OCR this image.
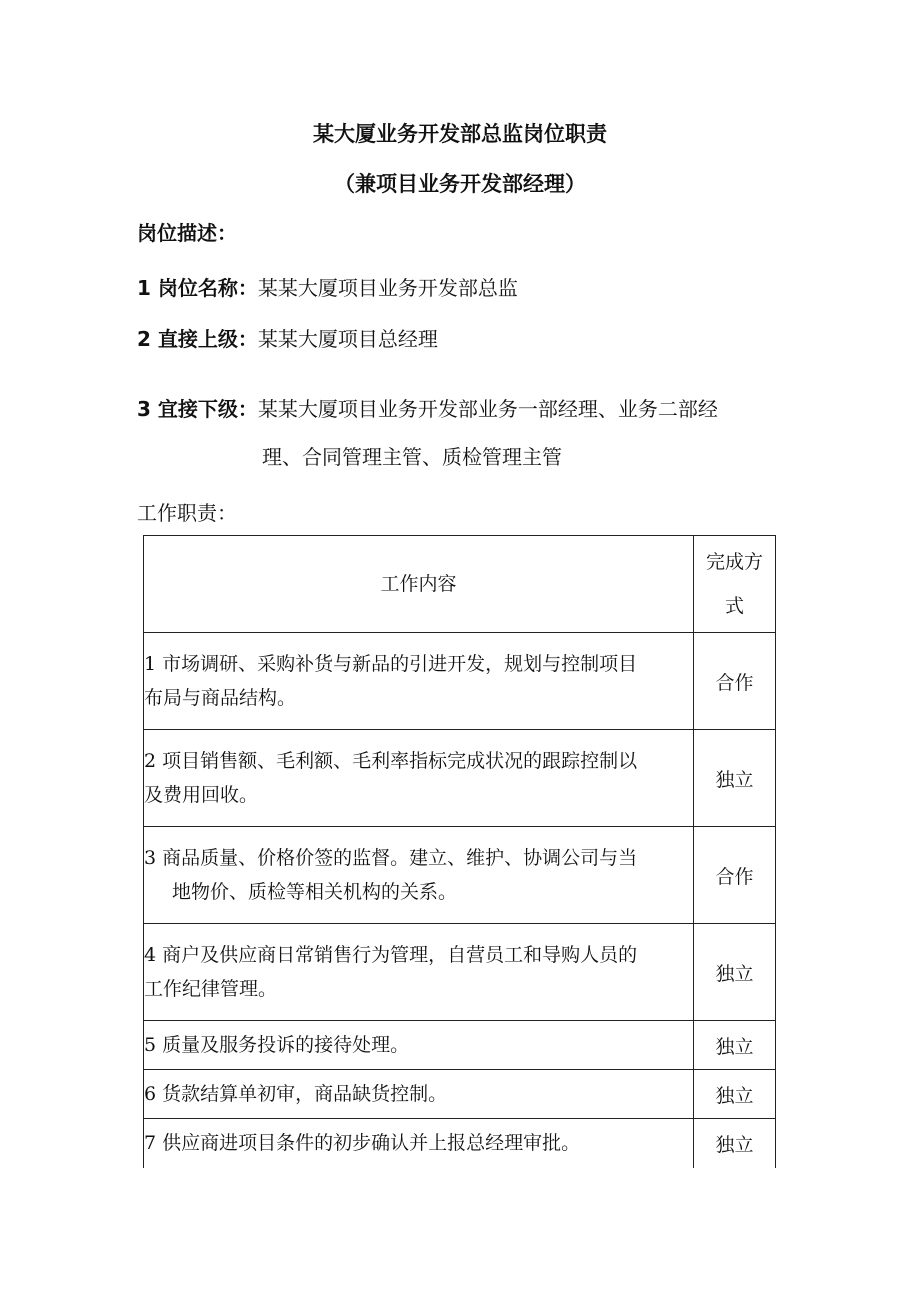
某大厦业务开发部总监岗位职责
（兼项目业务开发部经理）
岗位描述：
1 岗位名称：某某大厦项目业务开发部总监
2 直接上级：某某大厦项目总经理
3 宜接下级：某某大厦项目业务开发部业务一部经理、业务二部经
理、合同管理主管、质检管理主管
工作职责：
工作内容	完成方
式

1 市场调研、采购补货与新品的引进开发，规划与控制项目
布局与商品结构。	合作

2 项目销售额、毛利额、毛利率指标完成状况的跟踪控制以
及费用回收。	独立

3 商品质量、价格价签的监督。建立、维护、协调公司与当
地物价、质检等相关机构的关系。	合作

4 商户及供应商日常销售行为管理，自营员工和导购人员的
工作纪律管理。	独立
5 质量及服务投诉的接待处理。	独立
6 货款结算单初审，商品缺货控制。	独立
7 供应商进项目条件的初步确认并上报总经理审批。	独立
